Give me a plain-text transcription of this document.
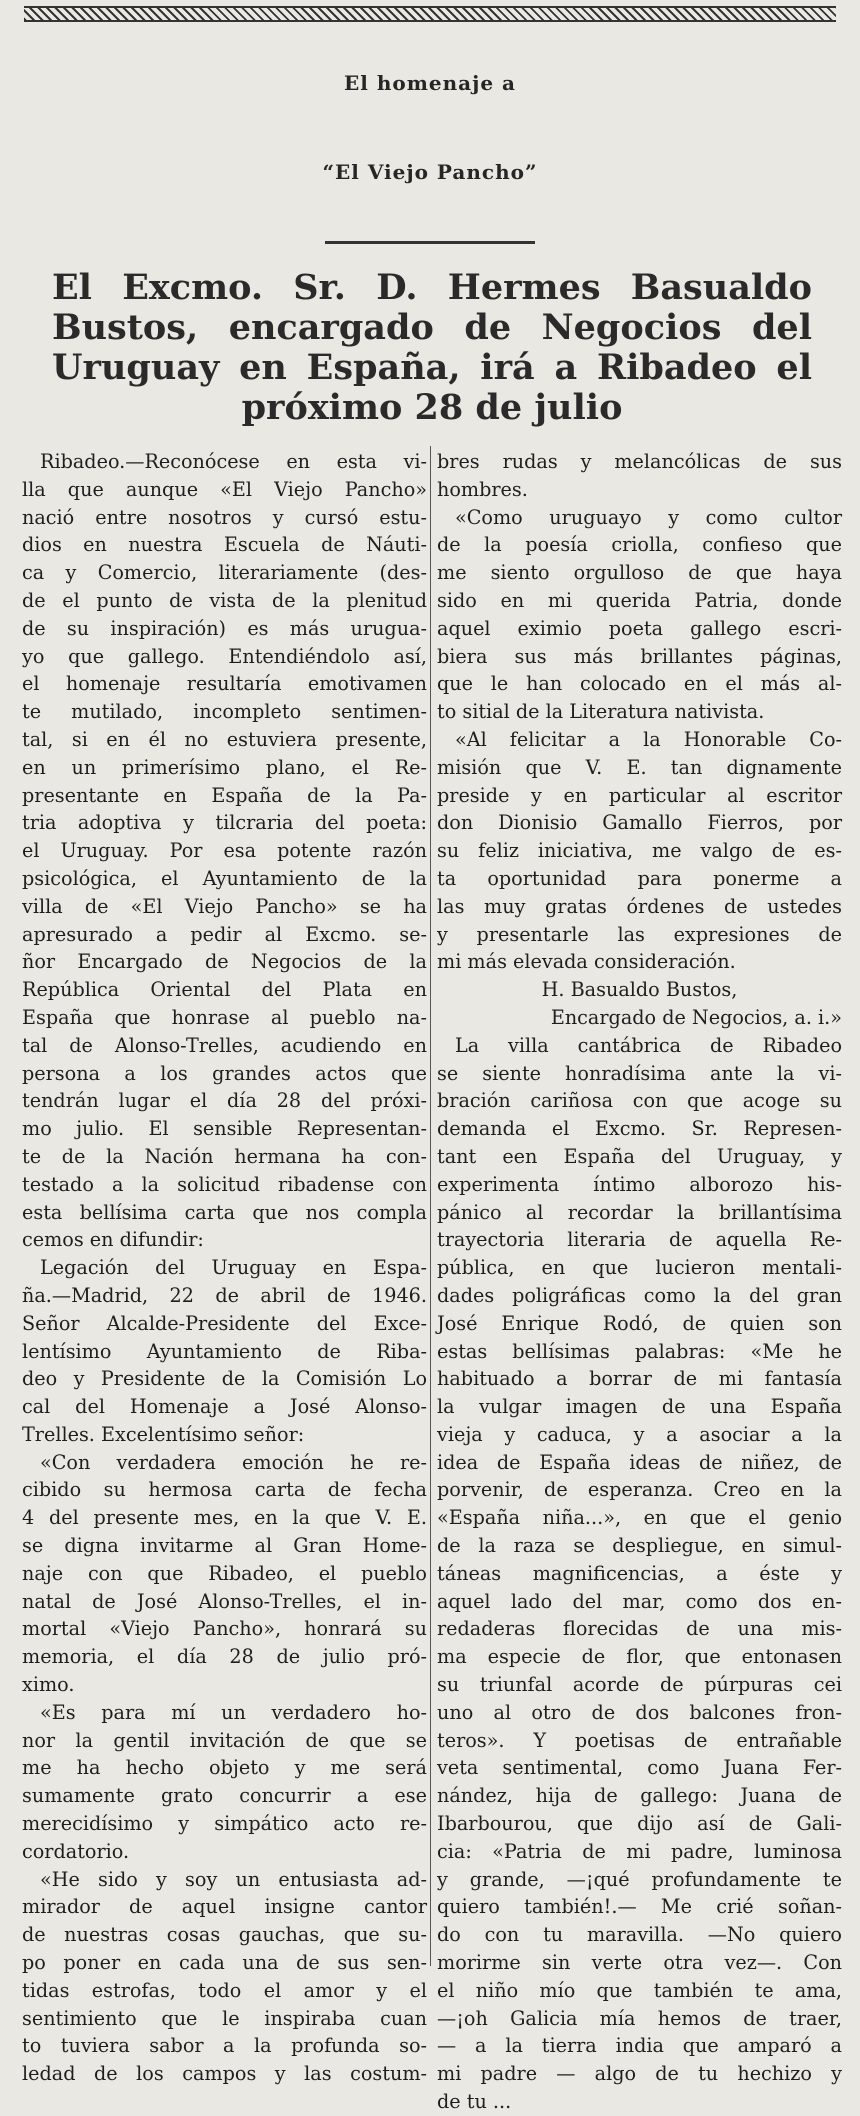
El homenaje a
“El Viejo Pancho”
El Excmo. Sr. D. Hermes Basualdo
Bustos, encargado de Negocios del
Uruguay en España, irá a Ribadeo el
próximo 28 de julio
Ribadeo.—Reconócese en esta vi-
lla que aunque «El Viejo Pancho»
nació entre nosotros y cursó estu-
dios en nuestra Escuela de Náuti-
ca y Comercio, literariamente (des-
de el punto de vista de la plenitud
de su inspiración) es más urugua-
yo que gallego. Entendiéndolo así,
el homenaje resultaría emotivamen
te mutilado, incompleto sentimen-
tal, si en él no estuviera presente,
en un primerísimo plano, el Re-
presentante en España de la Pa-
tria adoptiva y tilcraria del poeta:
el Uruguay. Por esa potente razón
psicológica, el Ayuntamiento de la
villa de «El Viejo Pancho» se ha
apresurado a pedir al Excmo. se-
ñor Encargado de Negocios de la
República Oriental del Plata en
España que honrase al pueblo na-
tal de Alonso-Trelles, acudiendo en
persona a los grandes actos que
tendrán lugar el día 28 del próxi-
mo julio. El sensible Representan-
te de la Nación hermana ha con-
testado a la solicitud ribadense con
esta bellísima carta que nos compla
cemos en difundir:
Legación del Uruguay en Espa-
ña.—Madrid, 22 de abril de 1946.
Señor Alcalde-Presidente del Exce-
lentísimo Ayuntamiento de Riba-
deo y Presidente de la Comisión Lo
cal del Homenaje a José Alonso-
Trelles. Excelentísimo señor:
«Con verdadera emoción he re-
cibido su hermosa carta de fecha
4 del presente mes, en la que V. E.
se digna invitarme al Gran Home-
naje con que Ribadeo, el pueblo
natal de José Alonso-Trelles, el in-
mortal «Viejo Pancho», honrará su
memoria, el día 28 de julio pró-
ximo.
«Es para mí un verdadero ho-
nor la gentil invitación de que se
me ha hecho objeto y me será
sumamente grato concurrir a ese
merecidísimo y simpático acto re-
cordatorio.
«He sido y soy un entusiasta ad-
mirador de aquel insigne cantor
de nuestras cosas gauchas, que su-
po poner en cada una de sus sen-
tidas estrofas, todo el amor y el
sentimiento que le inspiraba cuan
to tuviera sabor a la profunda so-
ledad de los campos y las costum-
bres rudas y melancólicas de sus
hombres.
«Como uruguayo y como cultor
de la poesía criolla, confieso que
me siento orgulloso de que haya
sido en mi querida Patria, donde
aquel eximio poeta gallego escri-
biera sus más brillantes páginas,
que le han colocado en el más al-
to sitial de la Literatura nativista.
«Al felicitar a la Honorable Co-
misión que V. E. tan dignamente
preside y en particular al escritor
don Dionisio Gamallo Fierros, por
su feliz iniciativa, me valgo de es-
ta oportunidad para ponerme a
las muy gratas órdenes de ustedes
y presentarle las expresiones de
mi más elevada consideración.
H. Basualdo Bustos,
Encargado de Negocios, a. i.»
La villa cantábrica de Ribadeo
se siente honradísima ante la vi-
bración cariñosa con que acoge su
demanda el Excmo. Sr. Represen-
tant een España del Uruguay, y
experimenta íntimo alborozo his-
pánico al recordar la brillantísima
trayectoria literaria de aquella Re-
pública, en que lucieron mentali-
dades poligráficas como la del gran
José Enrique Rodó, de quien son
estas bellísimas palabras: «Me he
habituado a borrar de mi fantasía
la vulgar imagen de una España
vieja y caduca, y a asociar a la
idea de España ideas de niñez, de
porvenir, de esperanza. Creo en la
«España niña...», en que el genio
de la raza se despliegue, en simul-
táneas magnificencias, a éste y
aquel lado del mar, como dos en-
redaderas florecidas de una mis-
ma especie de flor, que entonasen
su triunfal acorde de púrpuras cei
uno al otro de dos balcones fron-
teros». Y poetisas de entrañable
veta sentimental, como Juana Fer-
nández, hija de gallego: Juana de
Ibarbourou, que dijo así de Gali-
cia: «Patria de mi padre, luminosa
y grande, —¡qué profundamente te
quiero también!.— Me crié soñan-
do con tu maravilla. —No quiero
morirme sin verte otra vez—. Con
el niño mío que también te ama,
—¡oh Galicia mía hemos de traer,
— a la tierra india que amparó a
mi padre — algo de tu hechizo y
de tu ...
